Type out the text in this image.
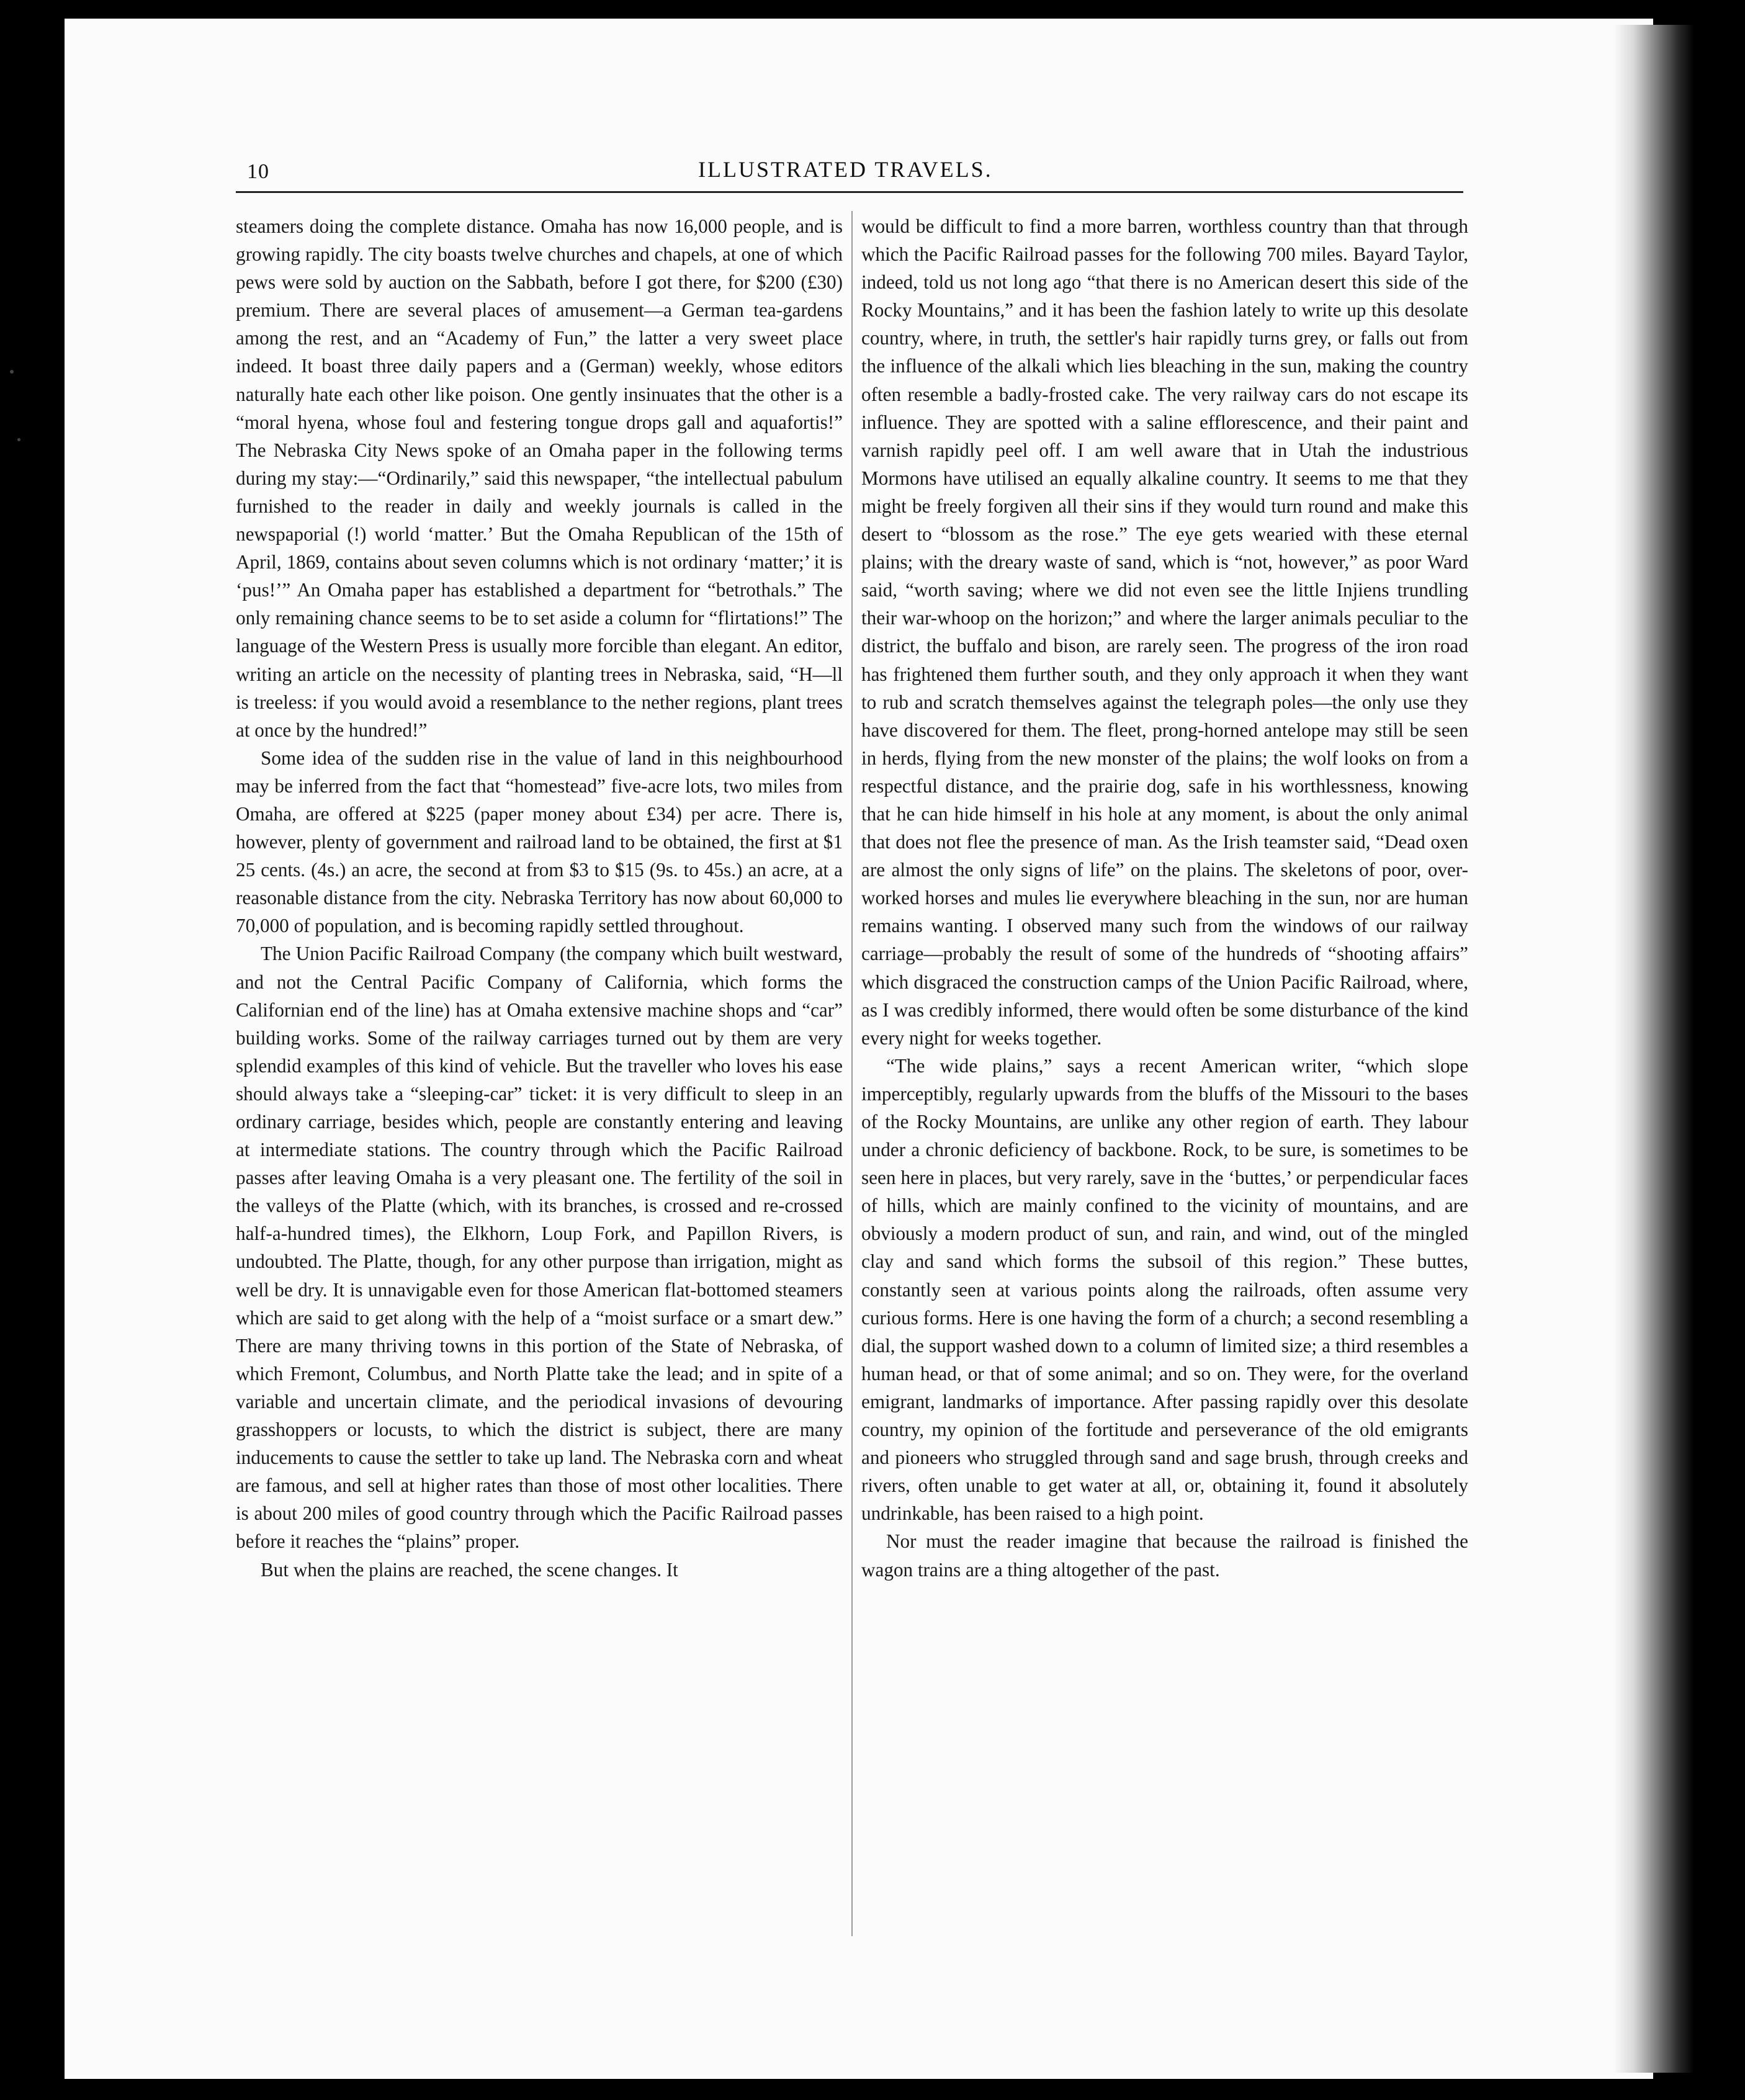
10	ILLUSTRATED TRAVELS.

steamers doing the complete distance. Omaha has now 16,000 people, and is growing rapidly. The city boasts twelve churches and chapels, at one of which pews were sold by auction on the Sabbath, before I got there, for $200 (£30) premium. There are several places of amusement—a German tea-gardens among the rest, and an “Academy of Fun,” the latter a very sweet place indeed. It boast three daily papers and a (German) weekly, whose editors naturally hate each other like poison. One gently insinuates that the other is a “moral hyena, whose foul and festering tongue drops gall and aquafortis!” The Nebraska City News spoke of an Omaha paper in the following terms during my stay:—“Ordinarily,” said this newspaper, “the intellectual pabulum furnished to the reader in daily and weekly journals is called in the newspaporial (!) world ‘matter.’ But the Omaha Republican of the 15th of April, 1869, contains about seven columns which is not ordinary ‘matter;’ it is ‘pus!’” An Omaha paper has established a department for “betrothals.” The only remaining chance seems to be to set aside a column for “flirtations!” The language of the Western Press is usually more forcible than elegant. An editor, writing an article on the necessity of planting trees in Nebraska, said, “H—ll is treeless: if you would avoid a resemblance to the nether regions, plant trees at once by the hundred!”

Some idea of the sudden rise in the value of land in this neighbourhood may be inferred from the fact that “homestead” five-acre lots, two miles from Omaha, are offered at $225 (paper money about £34) per acre. There is, however, plenty of government and railroad land to be obtained, the first at $1 25 cents. (4s.) an acre, the second at from $3 to $15 (9s. to 45s.) an acre, at a reasonable distance from the city. Nebraska Territory has now about 60,000 to 70,000 of population, and is becoming rapidly settled throughout.

The Union Pacific Railroad Company (the company which built westward, and not the Central Pacific Company of California, which forms the Californian end of the line) has at Omaha extensive machine shops and “car” building works. Some of the railway carriages turned out by them are very splendid examples of this kind of vehicle. But the traveller who loves his ease should always take a “sleeping-car” ticket: it is very difficult to sleep in an ordinary carriage, besides which, people are constantly entering and leaving at intermediate stations. The country through which the Pacific Railroad passes after leaving Omaha is a very pleasant one. The fertility of the soil in the valleys of the Platte (which, with its branches, is crossed and re-crossed half-a-hundred times), the Elkhorn, Loup Fork, and Papillon Rivers, is undoubted. The Platte, though, for any other purpose than irrigation, might as well be dry. It is unnavigable even for those American flat-bottomed steamers which are said to get along with the help of a “moist surface or a smart dew.” There are many thriving towns in this portion of the State of Nebraska, of which Fremont, Columbus, and North Platte take the lead; and in spite of a variable and uncertain climate, and the periodical invasions of devouring grasshoppers or locusts, to which the district is subject, there are many inducements to cause the settler to take up land. The Nebraska corn and wheat are famous, and sell at higher rates than those of most other localities. There is about 200 miles of good country through which the Pacific Railroad passes before it reaches the “plains” proper.

But when the plains are reached, the scene changes. It

would be difficult to find a more barren, worthless country than that through which the Pacific Railroad passes for the following 700 miles. Bayard Taylor, indeed, told us not long ago “that there is no American desert this side of the Rocky Mountains,” and it has been the fashion lately to write up this desolate country, where, in truth, the settler's hair rapidly turns grey, or falls out from the influence of the alkali which lies bleaching in the sun, making the country often resemble a badly-frosted cake. The very railway cars do not escape its influence. They are spotted with a saline efflorescence, and their paint and varnish rapidly peel off. I am well aware that in Utah the industrious Mormons have utilised an equally alkaline country. It seems to me that they might be freely forgiven all their sins if they would turn round and make this desert to “blossom as the rose.” The eye gets wearied with these eternal plains; with the dreary waste of sand, which is “not, however,” as poor Ward said, “worth saving; where we did not even see the little Injiens trundling their war-whoop on the horizon;” and where the larger animals peculiar to the district, the buffalo and bison, are rarely seen. The progress of the iron road has frightened them further south, and they only approach it when they want to rub and scratch themselves against the telegraph poles—the only use they have discovered for them. The fleet, prong-horned antelope may still be seen in herds, flying from the new monster of the plains; the wolf looks on from a respectful distance, and the prairie dog, safe in his worthlessness, knowing that he can hide himself in his hole at any moment, is about the only animal that does not flee the presence of man. As the Irish teamster said, “Dead oxen are almost the only signs of life” on the plains. The skeletons of poor, over-worked horses and mules lie everywhere bleaching in the sun, nor are human remains wanting. I observed many such from the windows of our railway carriage—probably the result of some of the hundreds of “shooting affairs” which disgraced the construction camps of the Union Pacific Railroad, where, as I was credibly informed, there would often be some disturbance of the kind every night for weeks together.

“The wide plains,” says a recent American writer, “which slope imperceptibly, regularly upwards from the bluffs of the Missouri to the bases of the Rocky Mountains, are unlike any other region of earth. They labour under a chronic deficiency of backbone. Rock, to be sure, is sometimes to be seen here in places, but very rarely, save in the ‘buttes,’ or perpendicular faces of hills, which are mainly confined to the vicinity of mountains, and are obviously a modern product of sun, and rain, and wind, out of the mingled clay and sand which forms the subsoil of this region.” These buttes, constantly seen at various points along the railroads, often assume very curious forms. Here is one having the form of a church; a second resembling a dial, the support washed down to a column of limited size; a third resembles a human head, or that of some animal; and so on. They were, for the overland emigrant, landmarks of importance. After passing rapidly over this desolate country, my opinion of the fortitude and perseverance of the old emigrants and pioneers who struggled through sand and sage brush, through creeks and rivers, often unable to get water at all, or, obtaining it, found it absolutely undrinkable, has been raised to a high point.

Nor must the reader imagine that because the railroad is finished the wagon trains are a thing altogether of the past.
